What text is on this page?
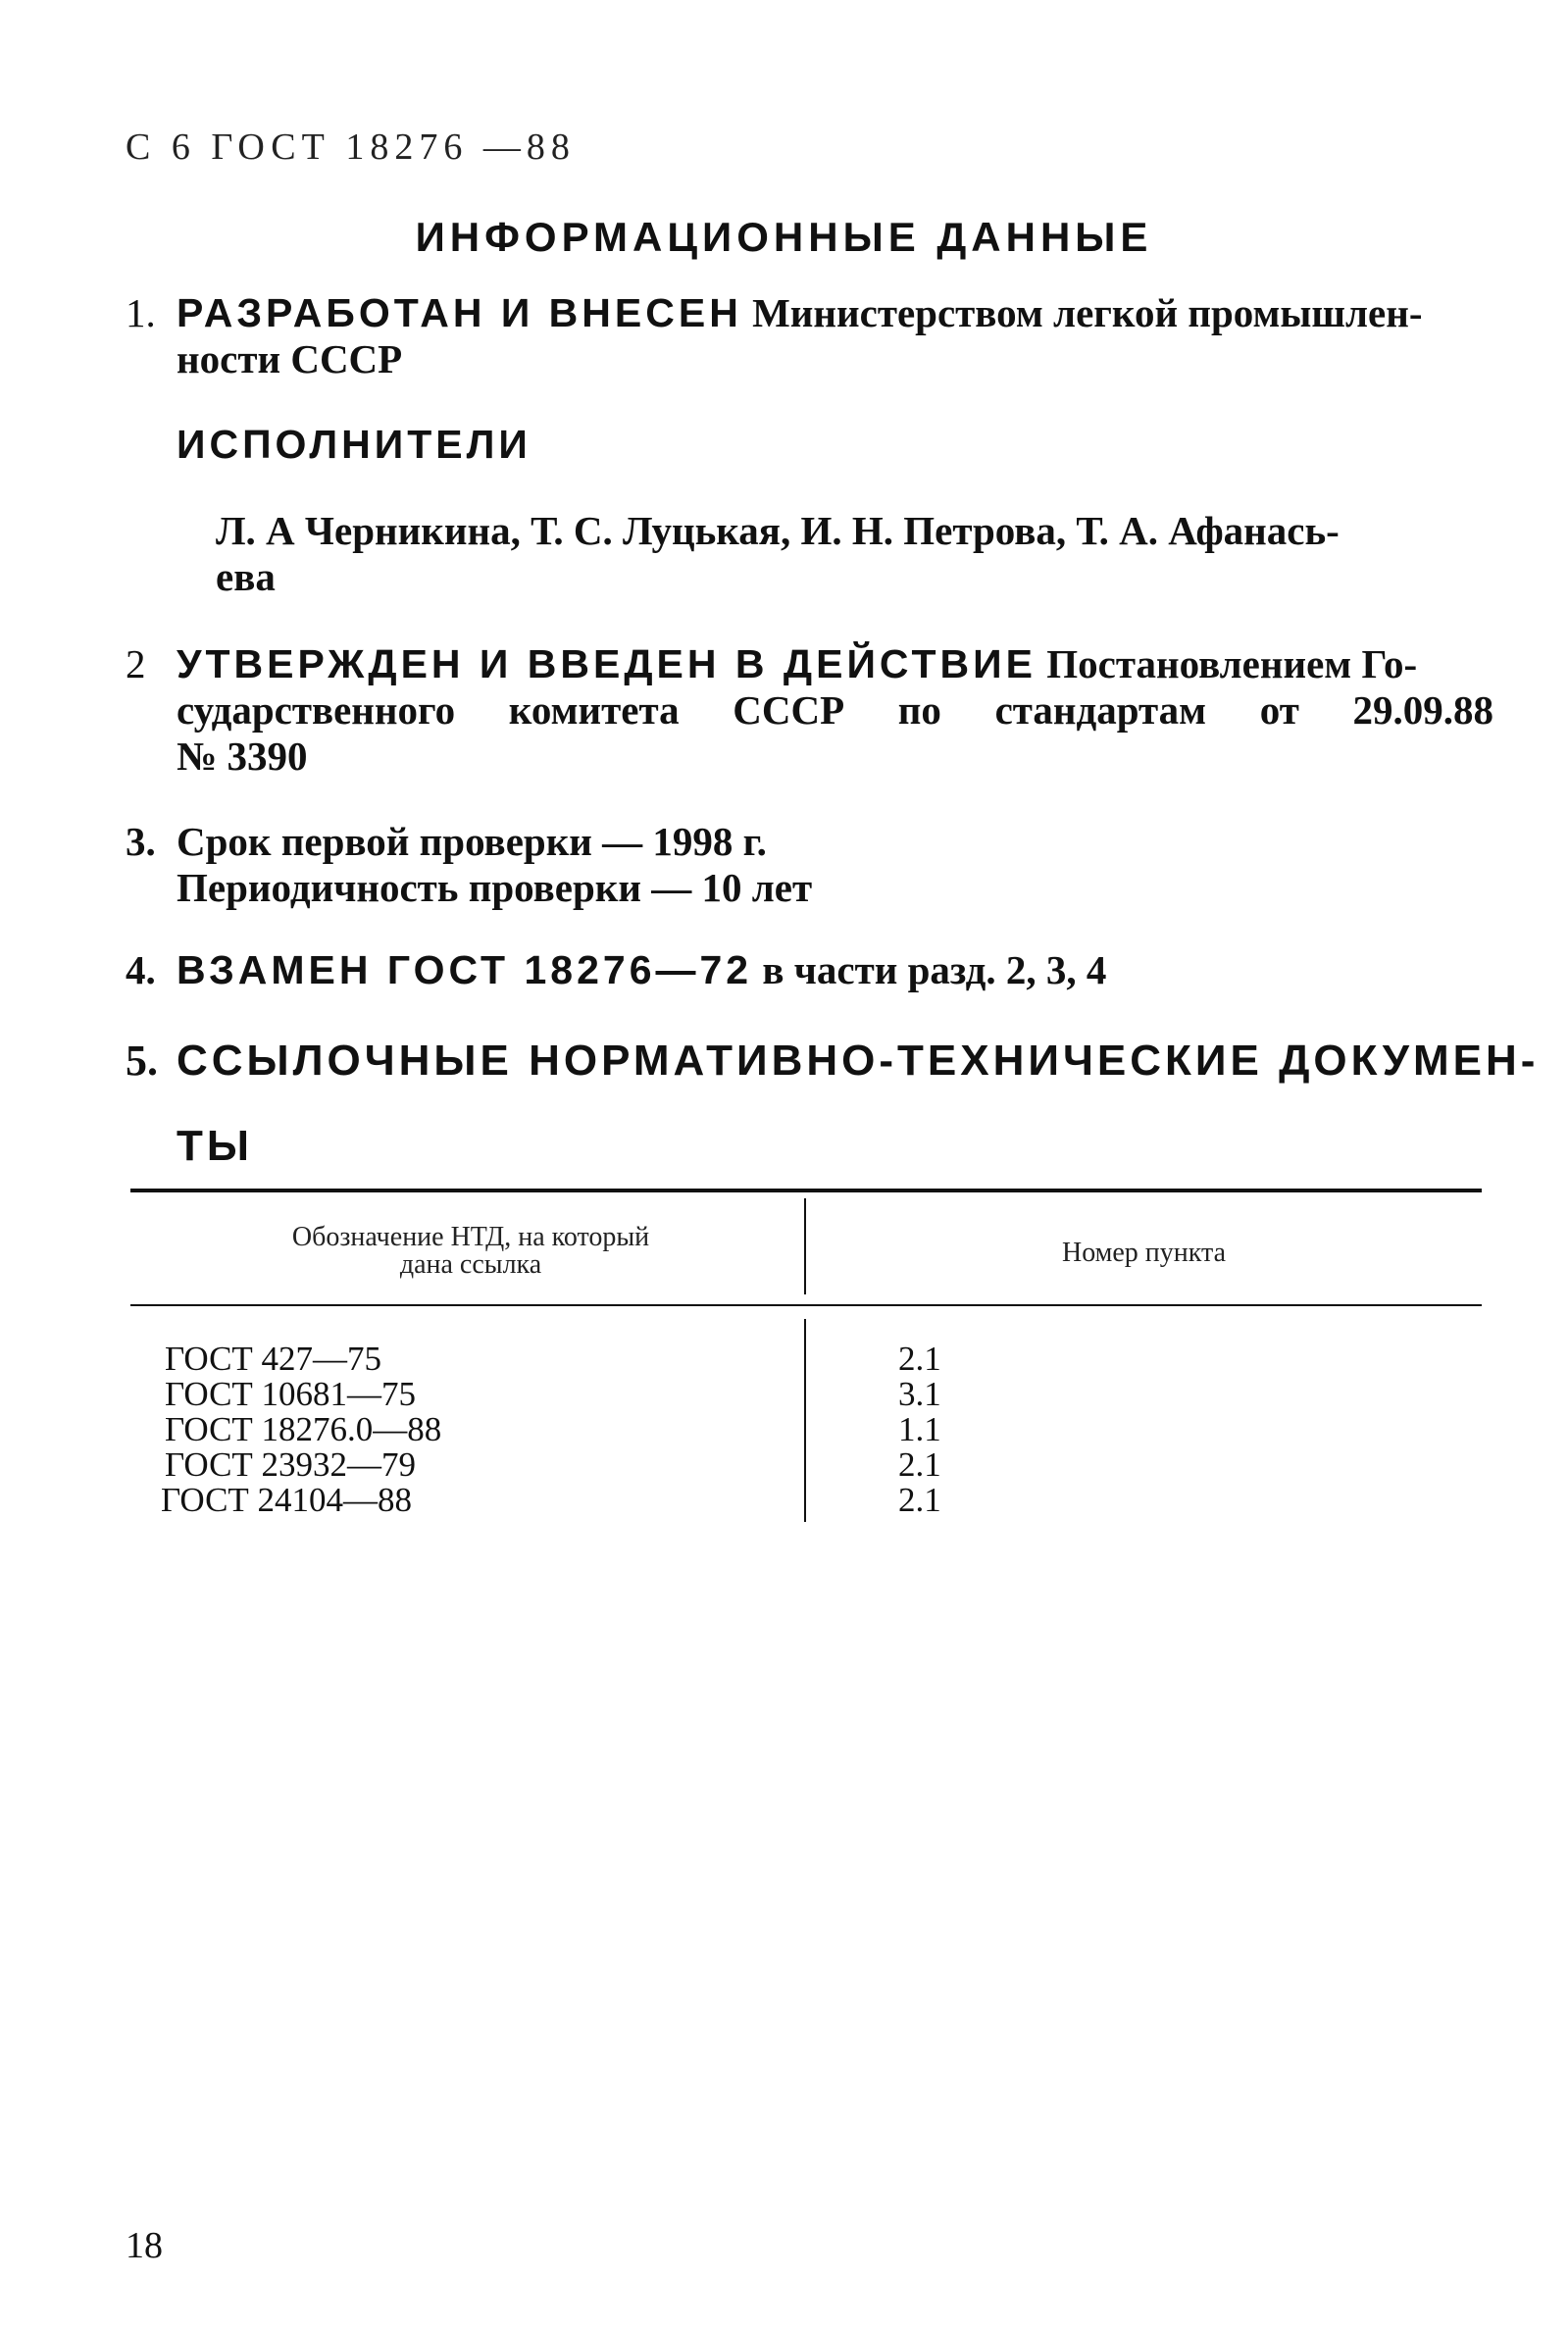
С 6 ГОСТ 18276 —88
ИНФОРМАЦИОННЫЕ ДАННЫЕ
1. РАЗРАБОТАН И ВНЕСЕН Министерством легкой промышлен-
ности СССР
ИСПОЛНИТЕЛИ
Л. А Черникина, Т. С. Луцькая, И. Н. Петрова, Т. А. Афанась-
ева
2 УТВЕРЖДЕН И ВВЕДЕН В ДЕЙСТВИЕ Постановлением Го-
сударственного комитета СССР по стандартам от 29.09.88
№ 3390
3. Срок первой проверки — 1998 г.
Периодичность проверки — 10 лет
4. ВЗАМЕН ГОСТ 18276—72 в части разд. 2, 3, 4
5. ССЫЛОЧНЫЕ НОРМАТИВНО-ТЕХНИЧЕСКИЕ ДОКУМЕН-
ТЫ
Обозначение НТД, на который
дана ссылка	Номер пункта
ГОСТ 427—75
ГОСТ 10681—75
ГОСТ 18276.0—88
ГОСТ 23932—79
ГОСТ 24104—88
2.1
3.1
1.1
2.1
2.1
18
